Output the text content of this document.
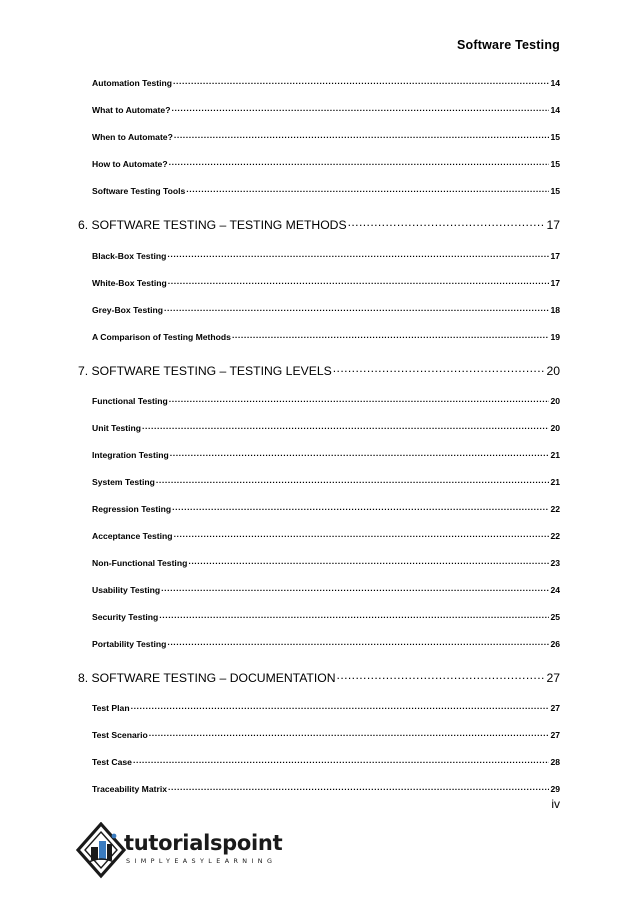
Software Testing
Automation Testing .....	14
What to Automate? .....	14
When to Automate? .....	15
How to Automate? .....	15
Software Testing Tools .....	15
6. SOFTWARE TESTING – TESTING METHODS .....	17
Black-Box Testing .....	17
White-Box Testing .....	17
Grey-Box Testing .....	18
A Comparison of Testing Methods .....	19
7. SOFTWARE TESTING – TESTING LEVELS .....	20
Functional Testing .....	20
Unit Testing .....	20
Integration Testing .....	21
System Testing .....	21
Regression Testing .....	22
Acceptance Testing .....	22
Non-Functional Testing .....	23
Usability Testing .....	24
Security Testing .....	25
Portability Testing .....	26
8. SOFTWARE TESTING – DOCUMENTATION .....	27
Test Plan .....	27
Test Scenario .....	27
Test Case .....	28
Traceability Matrix .....	29
iv
tutorialspoint
SIMPLYEASYLEARNING
